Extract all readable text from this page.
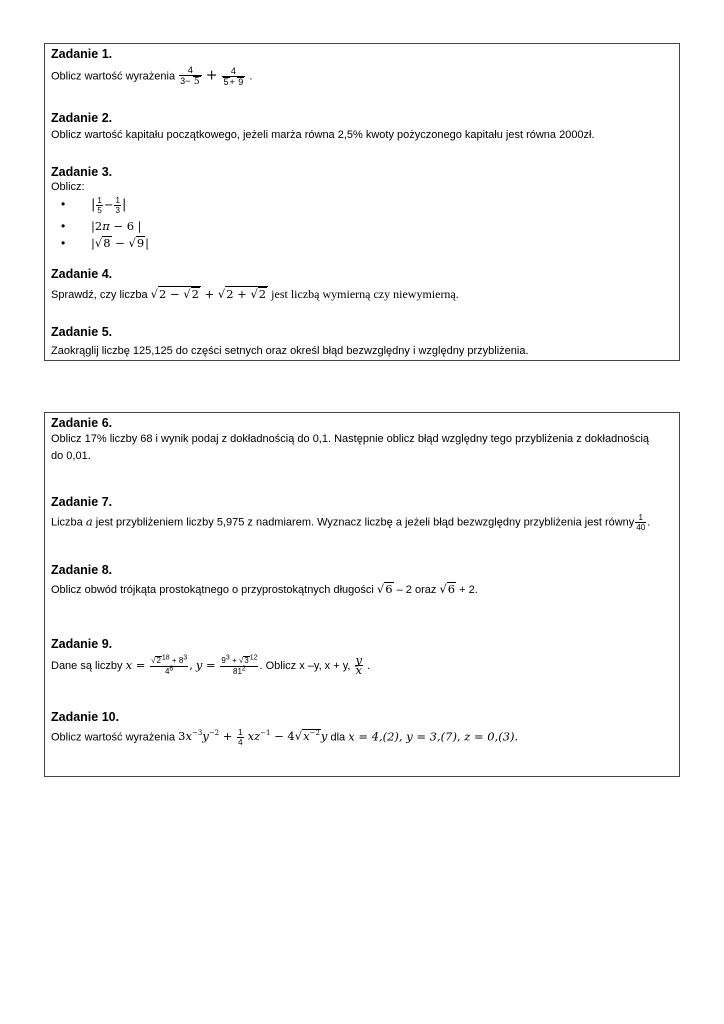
Zadanie 1.
Oblicz wartość wyrażenia $\frac{4}{3- 5} + \frac{4}{5+ 9}$ .
Zadanie 2.
Oblicz wartość kapitału początkowego, jeżeli marża równa 2,5% kwoty pożyczonego kapitału jest równa 2000zł.
Zadanie 3.
Oblicz:
• | $\frac{1}{5} - \frac{1}{3}$ |
• |2π − 6 |
• |√8 − √9|
Zadanie 4.
Sprawdź, czy liczba √2 − √2 + √2 + √2 jest liczbą wymierną czy niewymierną.
Zadanie 5.
Zaokrąglij liczbę 125,125 do części setnych oraz określ błąd bezwzględny i względny przybliżenia.
Zadanie 6.
Oblicz 17% liczby 68 i wynik podaj z dokładnością do 0,1. Następnie oblicz błąd względny tego przybliżenia z dokładnością do 0,01.
Zadanie 7.
Liczba a jest przybliżeniem liczby 5,975 z nadmiarem. Wyznacz liczbę a jeżeli błąd bezwzględny przybliżenia jest równy $\frac{1}{40}$ .
Zadanie 8.
Oblicz obwód trójkąta prostokątnego o przyprostokątnych długości √6 – 2 oraz √6 + 2.
Zadanie 9.
Dane są liczby $x = \frac{√2^{18} + 8^3}{4^6}$ , $y = \frac{9^3 + √3^{12}}{81^2}$ . Oblicz x –y, x + y, $\frac{y}{x}$ .
Zadanie 10.
Oblicz wartość wyrażenia $3x^{-3}y^{-2} + \frac{1}{4} xz^{-1} - 4√x^{-2}y$ dla x = 4,(2), y = 3,(7), z = 0,(3).
